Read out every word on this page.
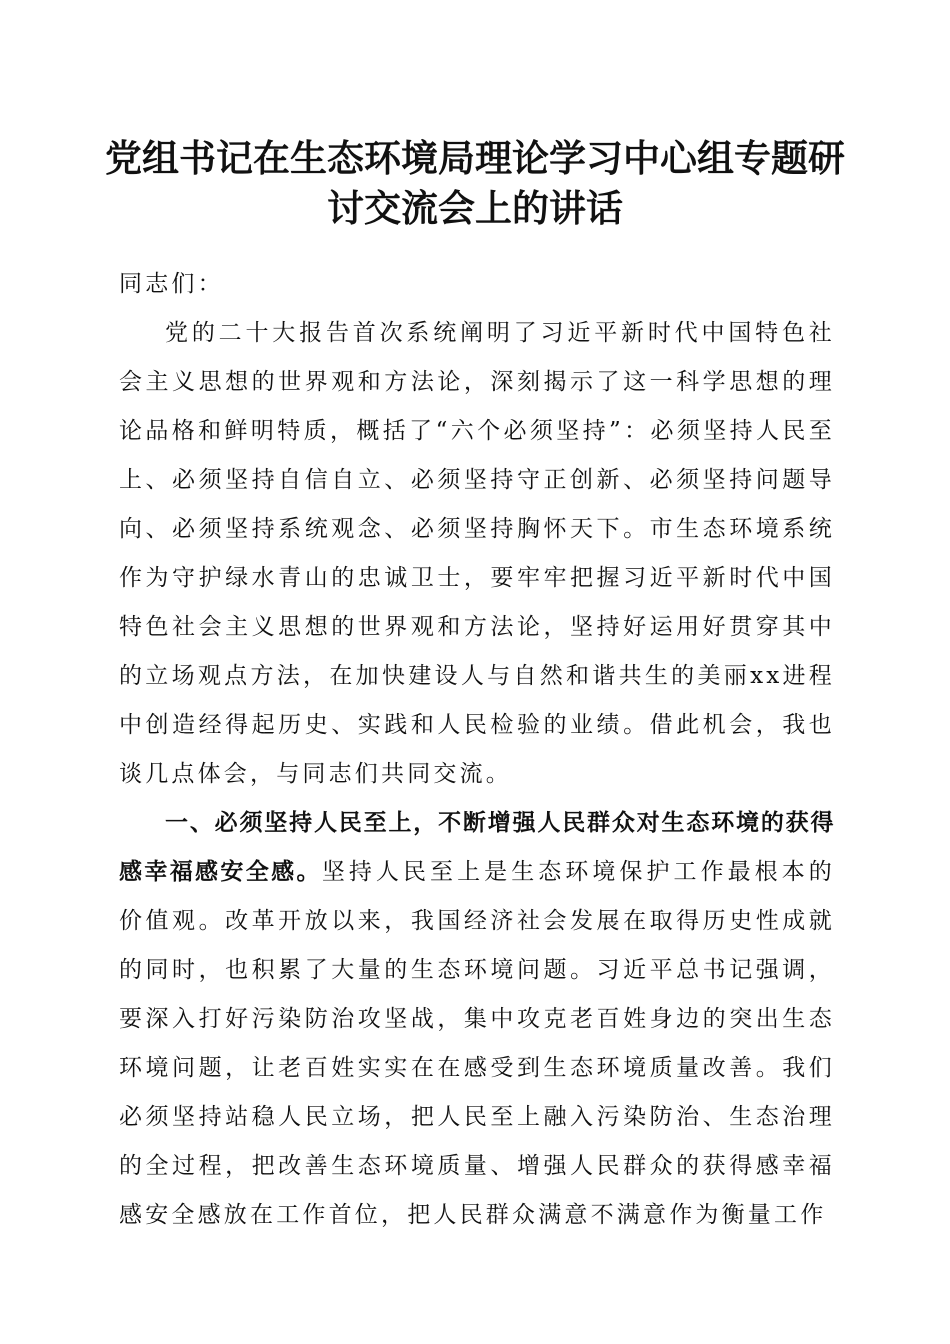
党组书记在生态环境局理论学习中心组专题研讨交流会上的讲话

同志们：

党的二十大报告首次系统阐明了习近平新时代中国特色社会主义思想的世界观和方法论，深刻揭示了这一科学思想的理论品格和鲜明特质，概括了“六个必须坚持”：必须坚持人民至上、必须坚持自信自立、必须坚持守正创新、必须坚持问题导向、必须坚持系统观念、必须坚持胸怀天下。市生态环境系统作为守护绿水青山的忠诚卫士，要牢牢把握习近平新时代中国特色社会主义思想的世界观和方法论，坚持好运用好贯穿其中的立场观点方法，在加快建设人与自然和谐共生的美丽xx进程中创造经得起历史、实践和人民检验的业绩。借此机会，我也谈几点体会，与同志们共同交流。

一、必须坚持人民至上，不断增强人民群众对生态环境的获得感幸福感安全感。坚持人民至上是生态环境保护工作最根本的价值观。改革开放以来，我国经济社会发展在取得历史性成就的同时，也积累了大量的生态环境问题。习近平总书记强调，要深入打好污染防治攻坚战，集中攻克老百姓身边的突出生态环境问题，让老百姓实实在在感受到生态环境质量改善。我们必须坚持站稳人民立场，把人民至上融入污染防治、生态治理的全过程，把改善生态环境质量、增强人民群众的获得感幸福感安全感放在工作首位，把人民群众满意不满意作为衡量工作
